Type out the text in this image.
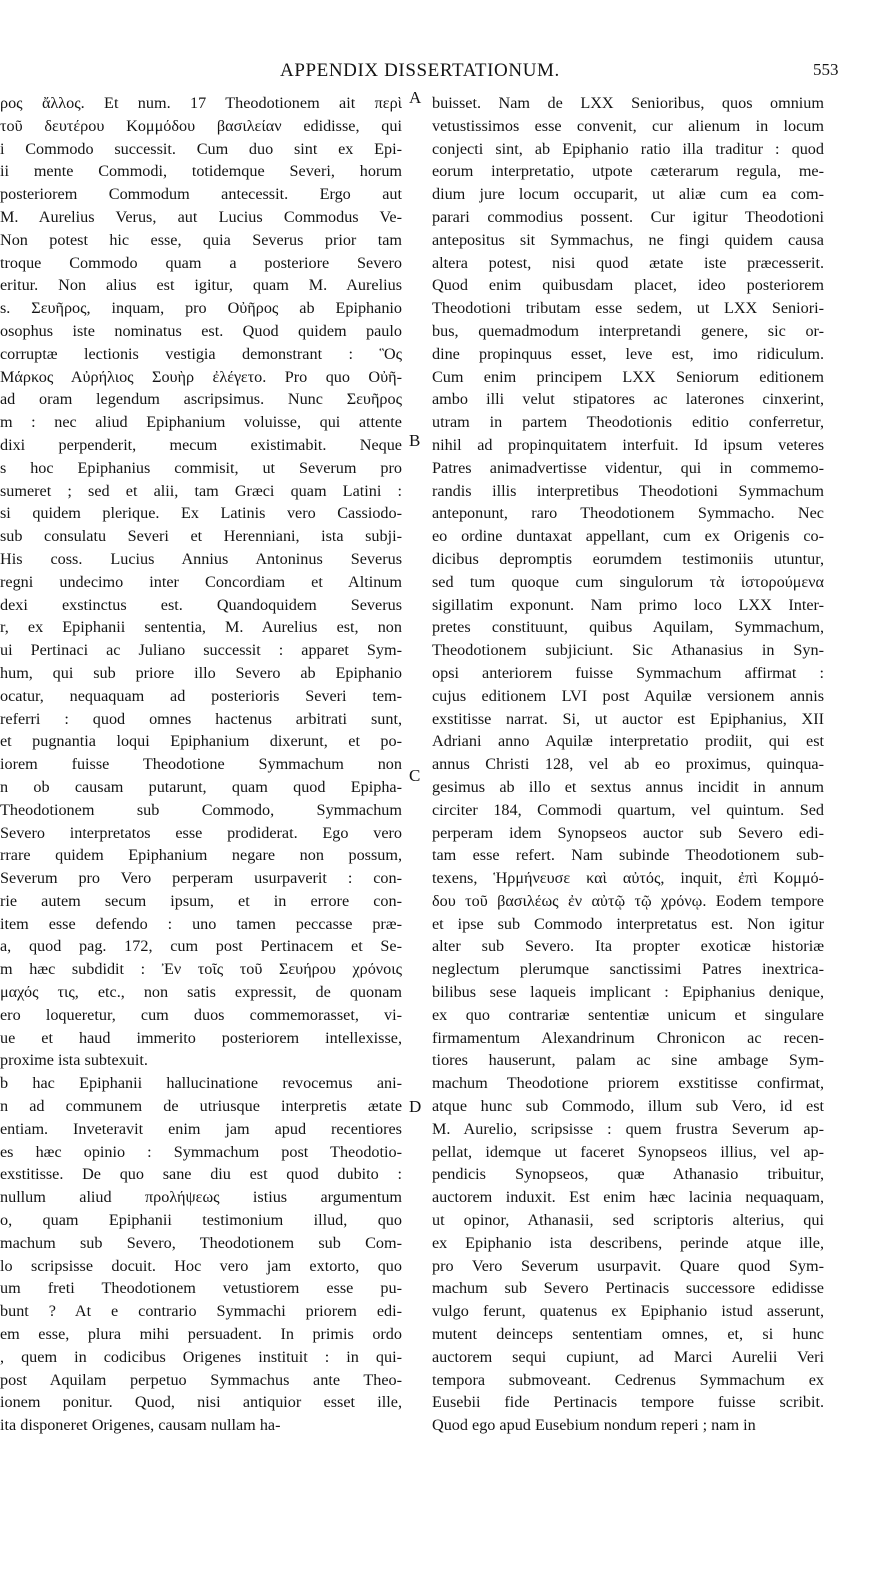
APPENDIX DISSERTATIONUM.	553
A
B
C
D
ρος ἄλλος. Et num. 17 Theodotionem ait περὶ
τοῦ δευτέρου Κομμόδου βασιλείαν edidisse, qui
i Commodo successit. Cum duo sint ex Epi-
ii mente Commodi, totidemque Severi, horum
posteriorem Commodum antecessit. Ergo aut
M. Aurelius Verus, aut Lucius Commodus Ve-
Non potest hic esse, quia Severus prior tam
troque Commodo quam a posteriore Severo
eritur. Non alius est igitur, quam M. Aurelius
s. Σευῆρος, inquam, pro Οὐῆρος ab Epiphanio
osophus iste nominatus est. Quod quidem paulo
corruptæ lectionis vestigia demonstrant : Ὃς
Μάρκος Αὐρήλιος Σουὴρ ἐλέγετο. Pro quo Οὐῆ-
ad oram legendum ascripsimus. Nunc Σευῆρος
m : nec aliud Epiphanium voluisse, qui attente
dixi perpenderit, mecum existimabit. Neque
s hoc Epiphanius commisit, ut Severum pro
sumeret ; sed et alii, tam Græci quam Latini :
si quidem plerique. Ex Latinis vero Cassiodo-
sub consulatu Severi et Herenniani, ista subji-
His coss. Lucius Annius Antoninus Severus
regni undecimo inter Concordiam et Altinum
dexi exstinctus est. Quandoquidem Severus
r, ex Epiphanii sententia, M. Aurelius est, non
ui Pertinaci ac Juliano successit : apparet Sym-
hum, qui sub priore illo Severo ab Epiphanio
ocatur, nequaquam ad posterioris Severi tem-
referri : quod omnes hactenus arbitrati sunt,
et pugnantia loqui Epiphanium dixerunt, et po-
iorem fuisse Theodotione Symmachum non
n ob causam putarunt, quam quod Epipha-
Theodotionem sub Commodo, Symmachum
Severo interpretatos esse prodiderat. Ego vero
rrare quidem Epiphanium negare non possum,
Severum pro Vero perperam usurpaverit : con-
rie autem secum ipsum, et in errore con-
item esse defendo : uno tamen peccasse præ-
a, quod pag. 172, cum post Pertinacem et Se-
m hæc subdidit : Ἐν τοῖς τοῦ Σευήρου χρόνοις
μαχός τις, etc., non satis expressit, de quonam
ero loqueretur, cum duos commemorasset, vi-
ue et haud immerito posteriorem intellexisse,
proxime ista subtexuit.
b hac Epiphanii hallucinatione revocemus ani-
n ad communem de utriusque interpretis ætate
entiam. Inveteravit enim jam apud recentiores
es hæc opinio : Symmachum post Theodotio-
exstitisse. De quo sane diu est quod dubito :
nullum aliud προλήψεως istius argumentum
o, quam Epiphanii testimonium illud, quo
machum sub Severo, Theodotionem sub Com-
lo scripsisse docuit. Hoc vero jam extorto, quo
um freti Theodotionem vetustiorem esse pu-
bunt ? At e contrario Symmachi priorem edi-
em esse, plura mihi persuadent. In primis ordo
, quem in codicibus Origenes instituit : in qui-
post Aquilam perpetuo Symmachus ante Theo-
ionem ponitur. Quod, nisi antiquior esset ille,
ita disponeret Origenes, causam nullam ha-
buisset. Nam de LXX Senioribus, quos omnium
vetustissimos esse convenit, cur alienum in locum
conjecti sint, ab Epiphanio ratio illa traditur : quod
eorum interpretatio, utpote cæterarum regula, me-
dium jure locum occuparit, ut aliæ cum ea com-
parari commodius possent. Cur igitur Theodotioni
antepositus sit Symmachus, ne fingi quidem causa
altera potest, nisi quod ætate iste præcesserit.
Quod enim quibusdam placet, ideo posteriorem
Theodotioni tributam esse sedem, ut LXX Seniori-
bus, quemadmodum interpretandi genere, sic or-
dine propinquus esset, leve est, imo ridiculum.
Cum enim principem LXX Seniorum editionem
ambo illi velut stipatores ac laterones cinxerint,
utram in partem Theodotionis editio conferretur,
nihil ad propinquitatem interfuit. Id ipsum veteres
Patres animadvertisse videntur, qui in commemo-
randis illis interpretibus Theodotioni Symmachum
anteponunt, raro Theodotionem Symmacho. Nec
eo ordine duntaxat appellant, cum ex Origenis co-
dicibus depromptis eorumdem testimoniis utuntur,
sed tum quoque cum singulorum τὰ ἱστορούμενα
sigillatim exponunt. Nam primo loco LXX Inter-
pretes constituunt, quibus Aquilam, Symmachum,
Theodotionem subjiciunt. Sic Athanasius in Syn-
opsi anteriorem fuisse Symmachum affirmat :
cujus editionem LVI post Aquilæ versionem annis
exstitisse narrat. Si, ut auctor est Epiphanius, XII
Adriani anno Aquilæ interpretatio prodiit, qui est
annus Christi 128, vel ab eo proximus, quinqua-
gesimus ab illo et sextus annus incidit in annum
circiter 184, Commodi quartum, vel quintum. Sed
perperam idem Synopseos auctor sub Severo edi-
tam esse refert. Nam subinde Theodotionem sub-
texens, Ἡρμήνευσε καὶ αὐτός, inquit, ἐπὶ Κομμό-
δου τοῦ βασιλέως ἐν αὐτῷ τῷ χρόνῳ. Eodem tempore
et ipse sub Commodo interpretatus est. Non igitur
alter sub Severo. Ita propter exoticæ historiæ
neglectum plerumque sanctissimi Patres inextrica-
bilibus sese laqueis implicant : Epiphanius denique,
ex quo contrariæ sententiæ unicum et singulare
firmamentum Alexandrinum Chronicon ac recen-
tiores hauserunt, palam ac sine ambage Sym-
machum Theodotione priorem exstitisse confirmat,
atque hunc sub Commodo, illum sub Vero, id est
M. Aurelio, scripsisse : quem frustra Severum ap-
pellat, idemque ut faceret Synopseos illius, vel ap-
pendicis Synopseos, quæ Athanasio tribuitur,
auctorem induxit. Est enim hæc lacinia nequaquam,
ut opinor, Athanasii, sed scriptoris alterius, qui
ex Epiphanio ista describens, perinde atque ille,
pro Vero Severum usurpavit. Quare quod Sym-
machum sub Severo Pertinacis successore edidisse
vulgo ferunt, quatenus ex Epiphanio istud asserunt,
mutent deinceps sententiam omnes, et, si hunc
auctorem sequi cupiunt, ad Marci Aurelii Veri
tempora submoveant. Cedrenus Symmachum ex
Eusebii fide Pertinacis tempore fuisse scribit.
Quod ego apud Eusebium nondum reperi ; nam in
